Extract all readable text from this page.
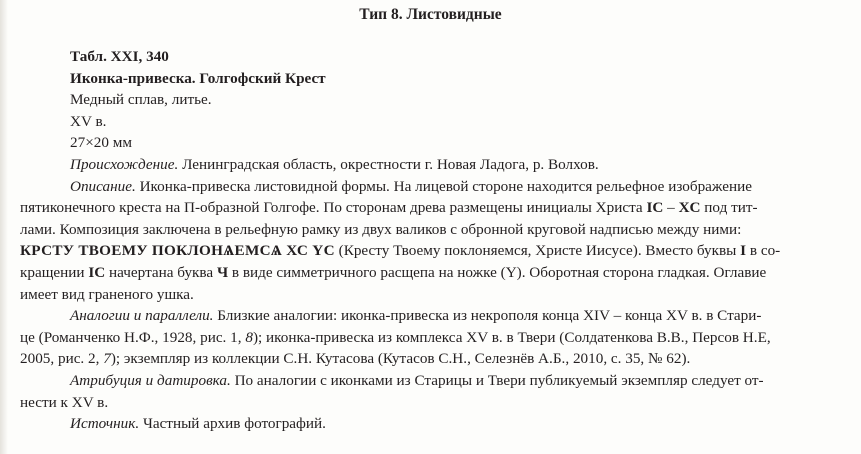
Тип 8. Листовидные
Табл. XXI, 340
Иконка-привеска. Голгофский Крест
Медный сплав, литье.
XV в.
27×20 мм
Происхождение. Ленинградская область, окрестности г. Новая Ладога, р. Волхов.
Описание. Иконка-привеска листовидной формы. На лицевой стороне находится рельефное изображение
пятиконечного креста на П-образной Голгофе. По сторонам древа размещены инициалы Христа IC – XC под тит-
лами. Композиция заключена в рельефную рамку из двух валиков с обронной круговой надписью между ними:
КРСТУ ТВОЕМУ ПОКЛОНѦЕМСѦ ХС ҮС (Кресту Твоему поклоняемся, Христе Иисусе). Вместо буквы I в со-
кращении IC начертана буква Ч в виде симметричного расщепа на ножке (Y). Оборотная сторона гладкая. Оглавие
имеет вид граненого ушка.
Аналогии и параллели. Близкие аналогии: иконка-привеска из некрополя конца XIV – конца XV в. в Стари-
це (Романченко Н.Ф., 1928, рис. 1, 8); иконка-привеска из комплекса XV в. в Твери (Солдатенкова В.В., Персов Н.Е,
2005, рис. 2, 7); экземпляр из коллекции С.Н. Кутасова (Кутасов С.Н., Селезнёв А.Б., 2010, с. 35, № 62).
Атрибуция и датировка. По аналогии с иконками из Старицы и Твери публикуемый экземпляр следует от-
нести к XV в.
Источник. Частный архив фотографий.
